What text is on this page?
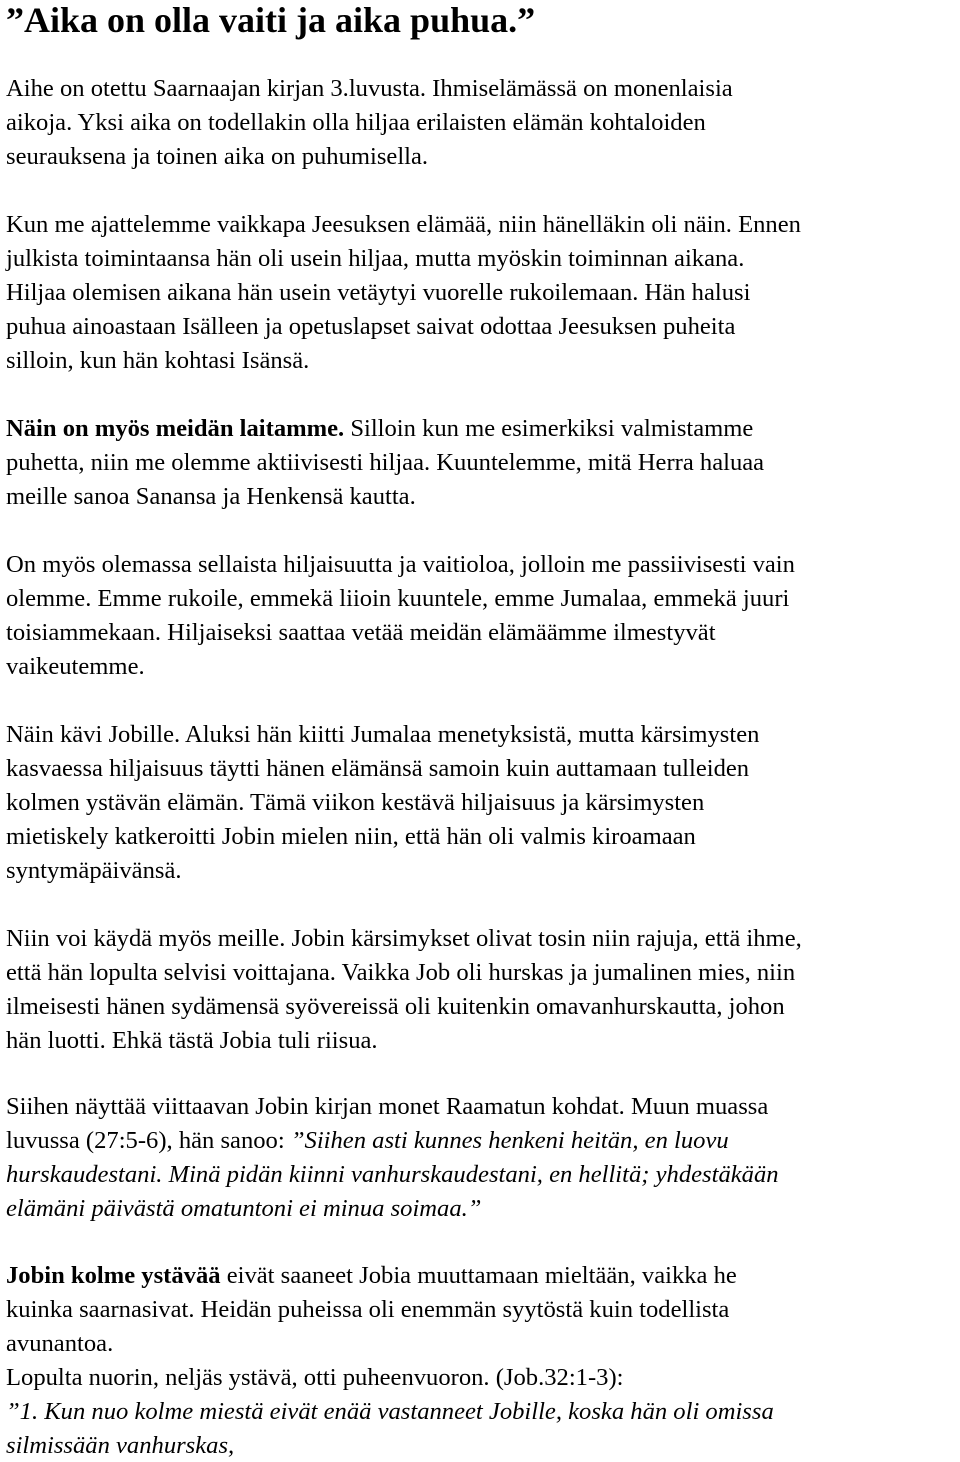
”Aika on olla vaiti ja aika puhua.”

Aihe on otettu Saarnaajan kirjan 3.luvusta. Ihmiselämässä on monenlaisia
aikoja. Yksi aika on todellakin olla hiljaa erilaisten elämän kohtaloiden
seurauksena ja toinen aika on puhumisella.

Kun me ajattelemme vaikkapa Jeesuksen elämää, niin hänelläkin oli näin. Ennen
julkista toimintaansa hän oli usein hiljaa, mutta myöskin toiminnan aikana.
Hiljaa olemisen aikana hän usein vetäytyi vuorelle rukoilemaan. Hän halusi
puhua ainoastaan Isälleen ja opetuslapset saivat odottaa Jeesuksen puheita
silloin, kun hän kohtasi Isänsä.

Näin on myös meidän laitamme. Silloin kun me esimerkiksi valmistamme
puhetta, niin me olemme aktiivisesti hiljaa. Kuuntelemme, mitä Herra haluaa
meille sanoa Sanansa ja Henkensä kautta.

On myös olemassa sellaista hiljaisuutta ja vaitioloa, jolloin me passiivisesti vain
olemme. Emme rukoile, emmekä liioin kuuntele, emme Jumalaa, emmekä juuri
toisiammekaan. Hiljaiseksi saattaa vetää meidän elämäämme ilmestyvät
vaikeutemme.

Näin kävi Jobille. Aluksi hän kiitti Jumalaa menetyksistä, mutta kärsimysten
kasvaessa hiljaisuus täytti hänen elämänsä samoin kuin auttamaan tulleiden
kolmen ystävän elämän. Tämä viikon kestävä hiljaisuus ja kärsimysten
mietiskely katkeroitti Jobin mielen niin, että hän oli valmis kiroamaan
syntymäpäivänsä.

Niin voi käydä myös meille. Jobin kärsimykset olivat tosin niin rajuja, että ihme,
että hän lopulta selvisi voittajana. Vaikka Job oli hurskas ja jumalinen mies, niin
ilmeisesti hänen sydämensä syövereissä oli kuitenkin omavanhurskautta, johon
hän luotti. Ehkä tästä Jobia tuli riisua.

Siihen näyttää viittaavan Jobin kirjan monet Raamatun kohdat. Muun muassa
luvussa (27:5-6), hän sanoo: ”Siihen asti kunnes henkeni heitän, en luovu
hurskaudestani. Minä pidän kiinni vanhurskaudestani, en hellitä; yhdestäkään
elämäni päivästä omatuntoni ei minua soimaa.”

Jobin kolme ystävää eivät saaneet Jobia muuttamaan mieltään, vaikka he
kuinka saarnasivat. Heidän puheissa oli enemmän syytöstä kuin todellista
avunantoa.
Lopulta nuorin, neljäs ystävä, otti puheenvuoron. (Job.32:1-3):
”1. Kun nuo kolme miestä eivät enää vastanneet Jobille, koska hän oli omissa
silmissään vanhurskas,
